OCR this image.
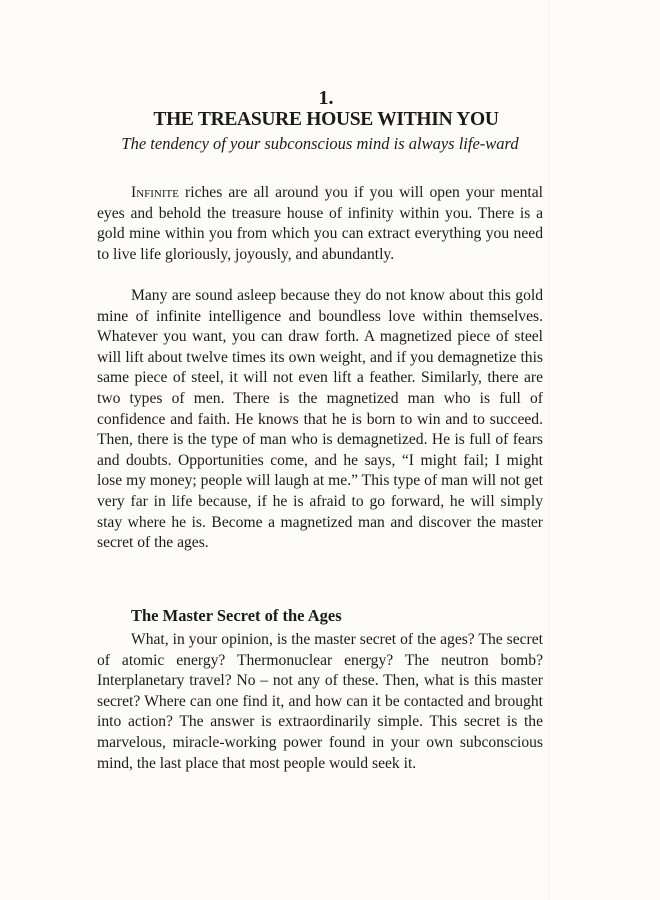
1.
THE TREASURE HOUSE WITHIN YOU
The tendency of your subconscious mind is always life-ward

Infinite riches are all around you if you will open your mental eyes and behold the treasure house of infinity within you. There is a gold mine within you from which you can extract everything you need to live life gloriously, joyously, and abundantly.

Many are sound asleep because they do not know about this gold mine of infinite intelligence and boundless love within themselves. Whatever you want, you can draw forth. A magnetized piece of steel will lift about twelve times its own weight, and if you demagnetize this same piece of steel, it will not even lift a feather. Similarly, there are two types of men. There is the magnetized man who is full of confidence and faith. He knows that he is born to win and to succeed. Then, there is the type of man who is demagnetized. He is full of fears and doubts. Opportunities come, and he says, “I might fail; I might lose my money; people will laugh at me.” This type of man will not get very far in life because, if he is afraid to go forward, he will simply stay where he is. Become a magnetized man and discover the master secret of the ages.

The Master Secret of the Ages

What, in your opinion, is the master secret of the ages? The secret of atomic energy? Thermonuclear energy? The neutron bomb? Interplanetary travel? No – not any of these. Then, what is this master secret? Where can one find it, and how can it be contacted and brought into action? The answer is extraordinarily simple. This secret is the marvelous, miracle-working power found in your own subconscious mind, the last place that most people would seek it.
